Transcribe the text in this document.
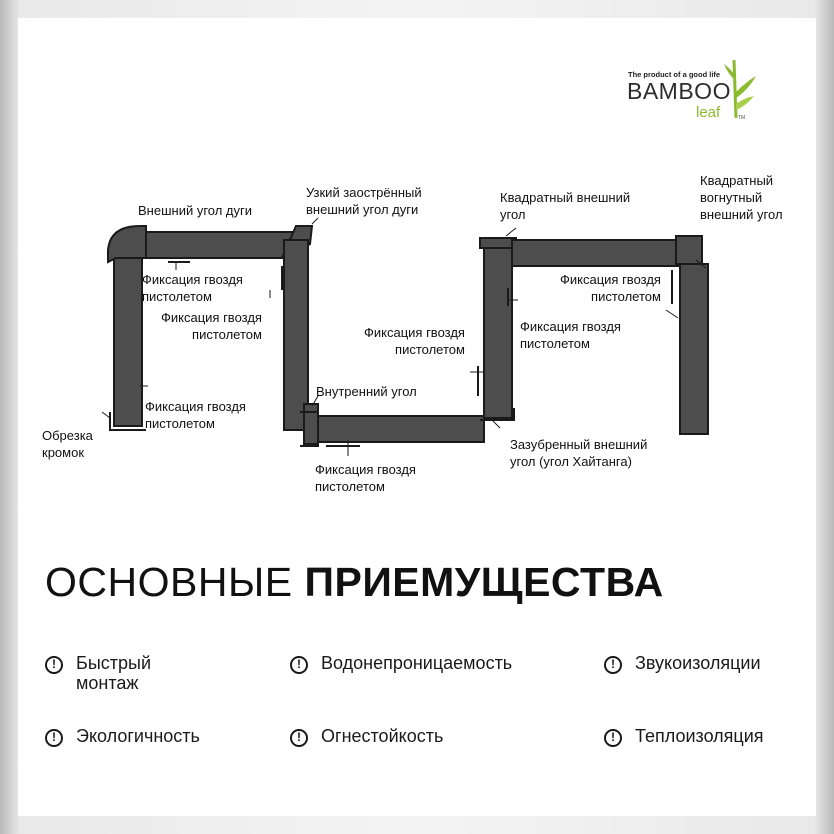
The product of a good life
BAMBOO
leaf	TM
Внешний угол дуги
Узкий заострённый
внешний угол дуги
Квадратный внешний
угол
Квадратный
вогнутный
внешний угол
Фиксация гвоздя
пистолетом
Фиксация гвоздя
пистолетом
Фиксация гвоздя
пистолетом
Фиксация гвоздя
пистолетом
Фиксация гвоздя
пистолетом
Фиксация гвоздя
пистолетом
Фиксация гвоздя
пистолетом
Внутренний угол
Обрезка
кромок
Зазубренный внешний
угол (угол Хайтанга)
ОСНОВНЫЕ ПРИЕМУЩЕСТВА
!	Быстрый
монтаж
!	Водонепроницаемость	!	Звукоизоляции
!	Экологичность	!	Огнестойкость	!	Теплоизоляция
